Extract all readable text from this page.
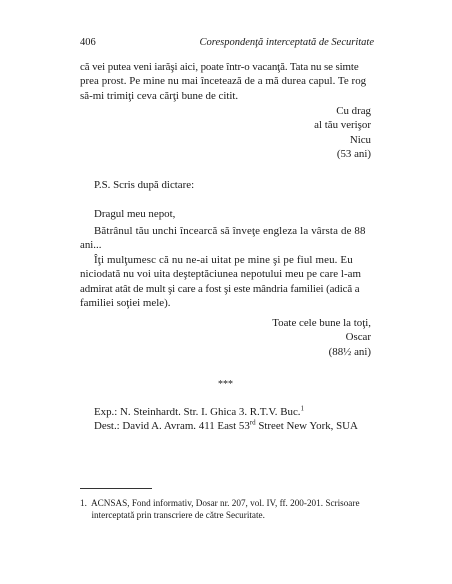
406	Corespondenţă interceptată de Securitate
că vei putea veni iarăşi aici, poate într-o vacanţă. Tata nu se simte
prea prost. Pe mine nu mai încetează de a mă durea capul. Te rog
să-mi trimiţi ceva cărţi bune de citit.
Cu drag
al tău verişor
Nicu
(53 ani)
P.S. Scris după dictare:
Dragul meu nepot,
Bătrânul tău unchi încearcă să înveţe engleza la vârsta de 88
ani...
Îţi mulţumesc că nu ne-ai uitat pe mine şi pe fiul meu. Eu
niciodată nu voi uita deşteptăciunea nepotului meu pe care l-am
admirat atât de mult şi care a fost şi este mândria familiei (adică a
familiei soţiei mele).
Toate cele bune la toţi,
Oscar
(88½ ani)
***
Exp.: N. Steinhardt. Str. I. Ghica 3. R.T.V. Buc.$^1$
Dest.: David A. Avram. 411 East 53rd Street New York, SUA
1.  ACNSAS, Fond informativ, Dosar nr. 207, vol. IV, ff. 200-201. Scrisoare
interceptată prin transcriere de către Securitate.
